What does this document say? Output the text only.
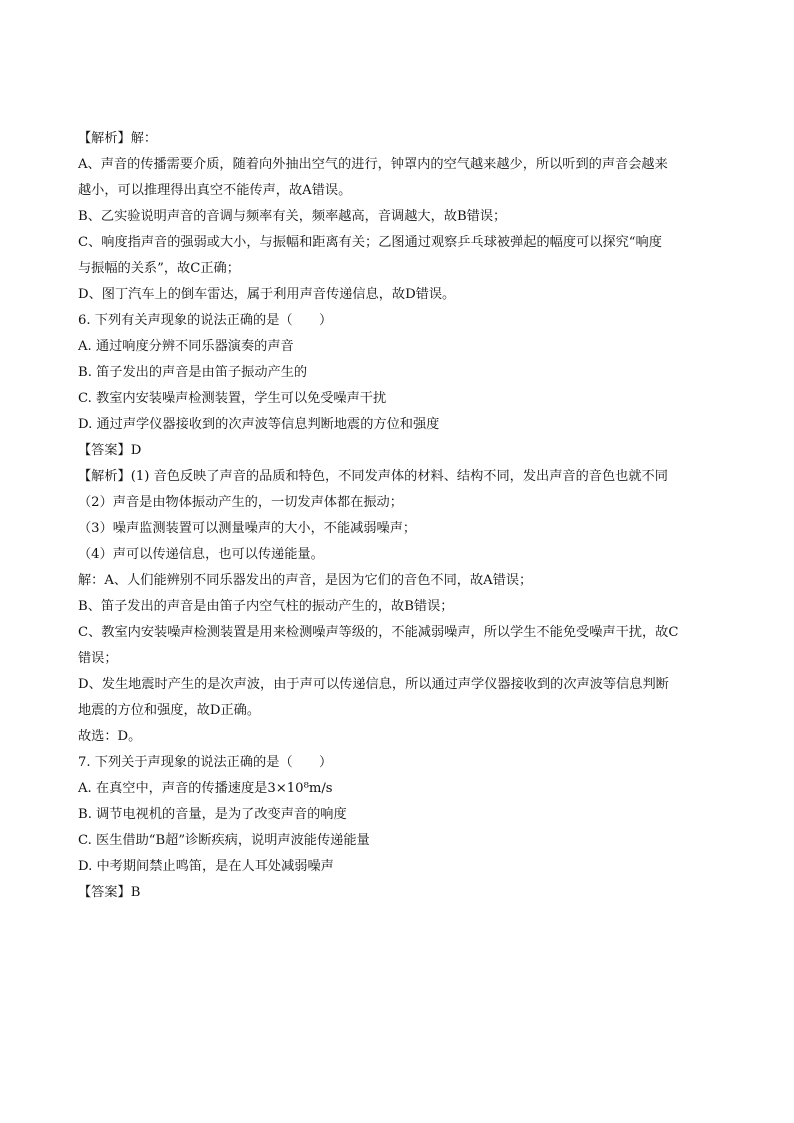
【解析】解：
A、声音的传播需要介质，随着向外抽出空气的进行，钟罩内的空气越来越少，所以听到的声音会越来
越小，可以推理得出真空不能传声，故A错误。
B、乙实验说明声音的音调与频率有关，频率越高，音调越大，故B错误；
C、响度指声音的强弱或大小，与振幅和距离有关；乙图通过观察乒乓球被弹起的幅度可以探究“响度
与振幅的关系”，故C正确；
D、图丁汽车上的倒车雷达，属于利用声音传递信息，故D错误。
6. 下列有关声现象的说法正确的是（　　）
A. 通过响度分辨不同乐器演奏的声音
B. 笛子发出的声音是由笛子振动产生的
C. 教室内安装噪声检测装置，学生可以免受噪声干扰
D. 通过声学仪器接收到的次声波等信息判断地震的方位和强度
【答案】D
【解析】(1) 音色反映了声音的品质和特色，不同发声体的材料、结构不同，发出声音的音色也就不同
（2）声音是由物体振动产生的，一切发声体都在振动；
（3）噪声监测装置可以测量噪声的大小，不能减弱噪声；
（4）声可以传递信息，也可以传递能量。
解：A、人们能辨别不同乐器发出的声音，是因为它们的音色不同，故A错误；
B、笛子发出的声音是由笛子内空气柱的振动产生的，故B错误；
C、教室内安装噪声检测装置是用来检测噪声等级的，不能减弱噪声，所以学生不能免受噪声干扰，故C
错误；
D、发生地震时产生的是次声波，由于声可以传递信息，所以通过声学仪器接收到的次声波等信息判断
地震的方位和强度，故D正确。
故选：D。
7. 下列关于声现象的说法正确的是（　　）
A. 在真空中，声音的传播速度是3×10⁸m/s
B. 调节电视机的音量，是为了改变声音的响度
C. 医生借助“B超”诊断疾病，说明声波能传递能量
D. 中考期间禁止鸣笛，是在人耳处减弱噪声
【答案】B
